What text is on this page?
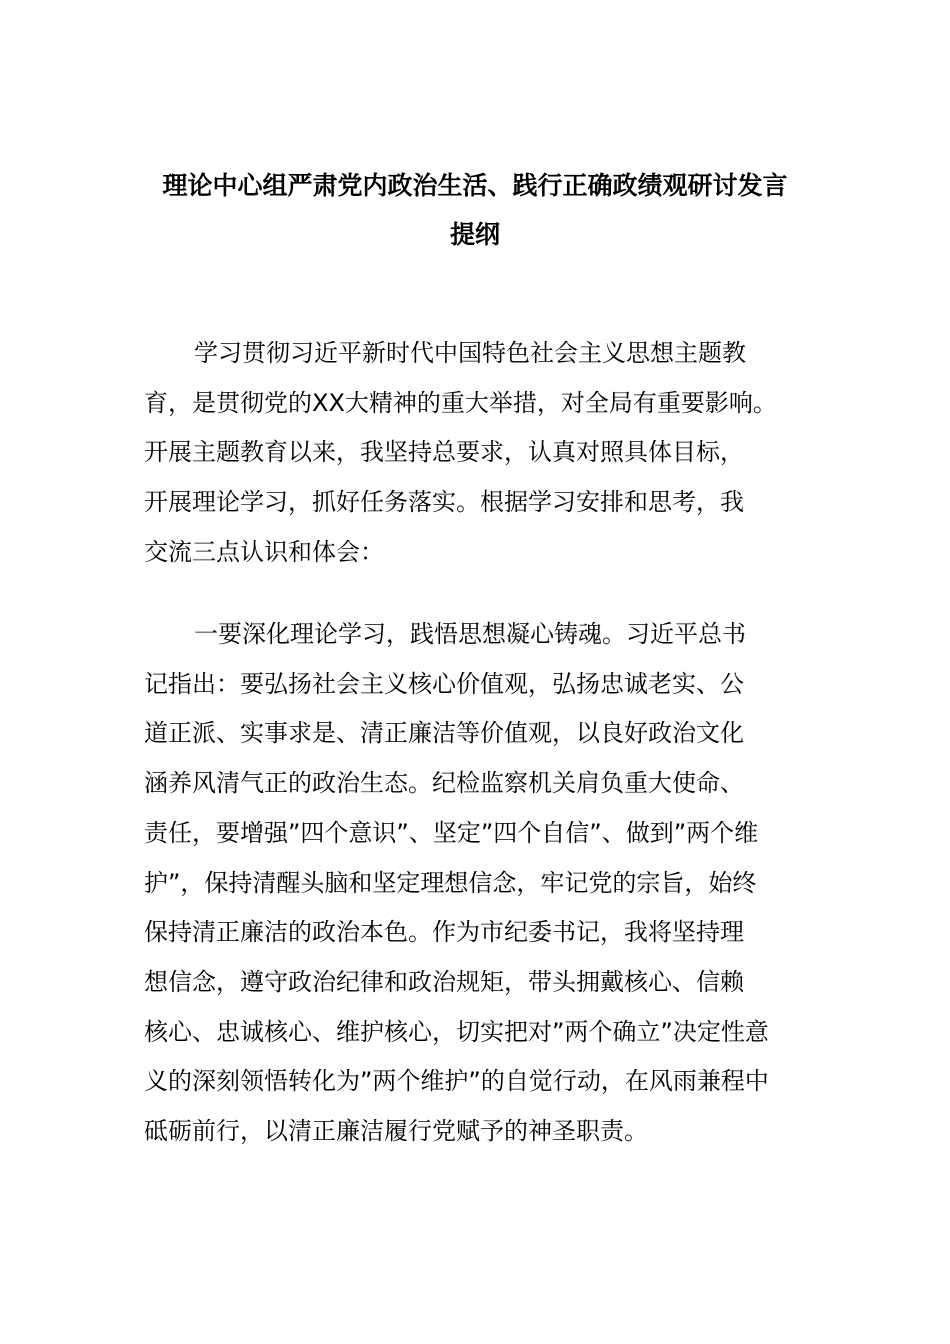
理论中心组严肃党内政治生活、践行正确政绩观研讨发言
提纲
学习贯彻习近平新时代中国特色社会主义思想主题教
育，是贯彻党的XX大精神的重大举措，对全局有重要影响。
开展主题教育以来，我坚持总要求，认真对照具体目标，
开展理论学习，抓好任务落实。根据学习安排和思考，我
交流三点认识和体会：
一要深化理论学习，践悟思想凝心铸魂。习近平总书
记指出：要弘扬社会主义核心价值观，弘扬忠诚老实、公
道正派、实事求是、清正廉洁等价值观，以良好政治文化
涵养风清气正的政治生态。纪检监察机关肩负重大使命、
责任，要增强”四个意识”、坚定”四个自信”、做到”两个维
护”，保持清醒头脑和坚定理想信念，牢记党的宗旨，始终
保持清正廉洁的政治本色。作为市纪委书记，我将坚持理
想信念，遵守政治纪律和政治规矩，带头拥戴核心、信赖
核心、忠诚核心、维护核心，切实把对”两个确立”决定性意
义的深刻领悟转化为”两个维护”的自觉行动，在风雨兼程中
砥砺前行，以清正廉洁履行党赋予的神圣职责。
